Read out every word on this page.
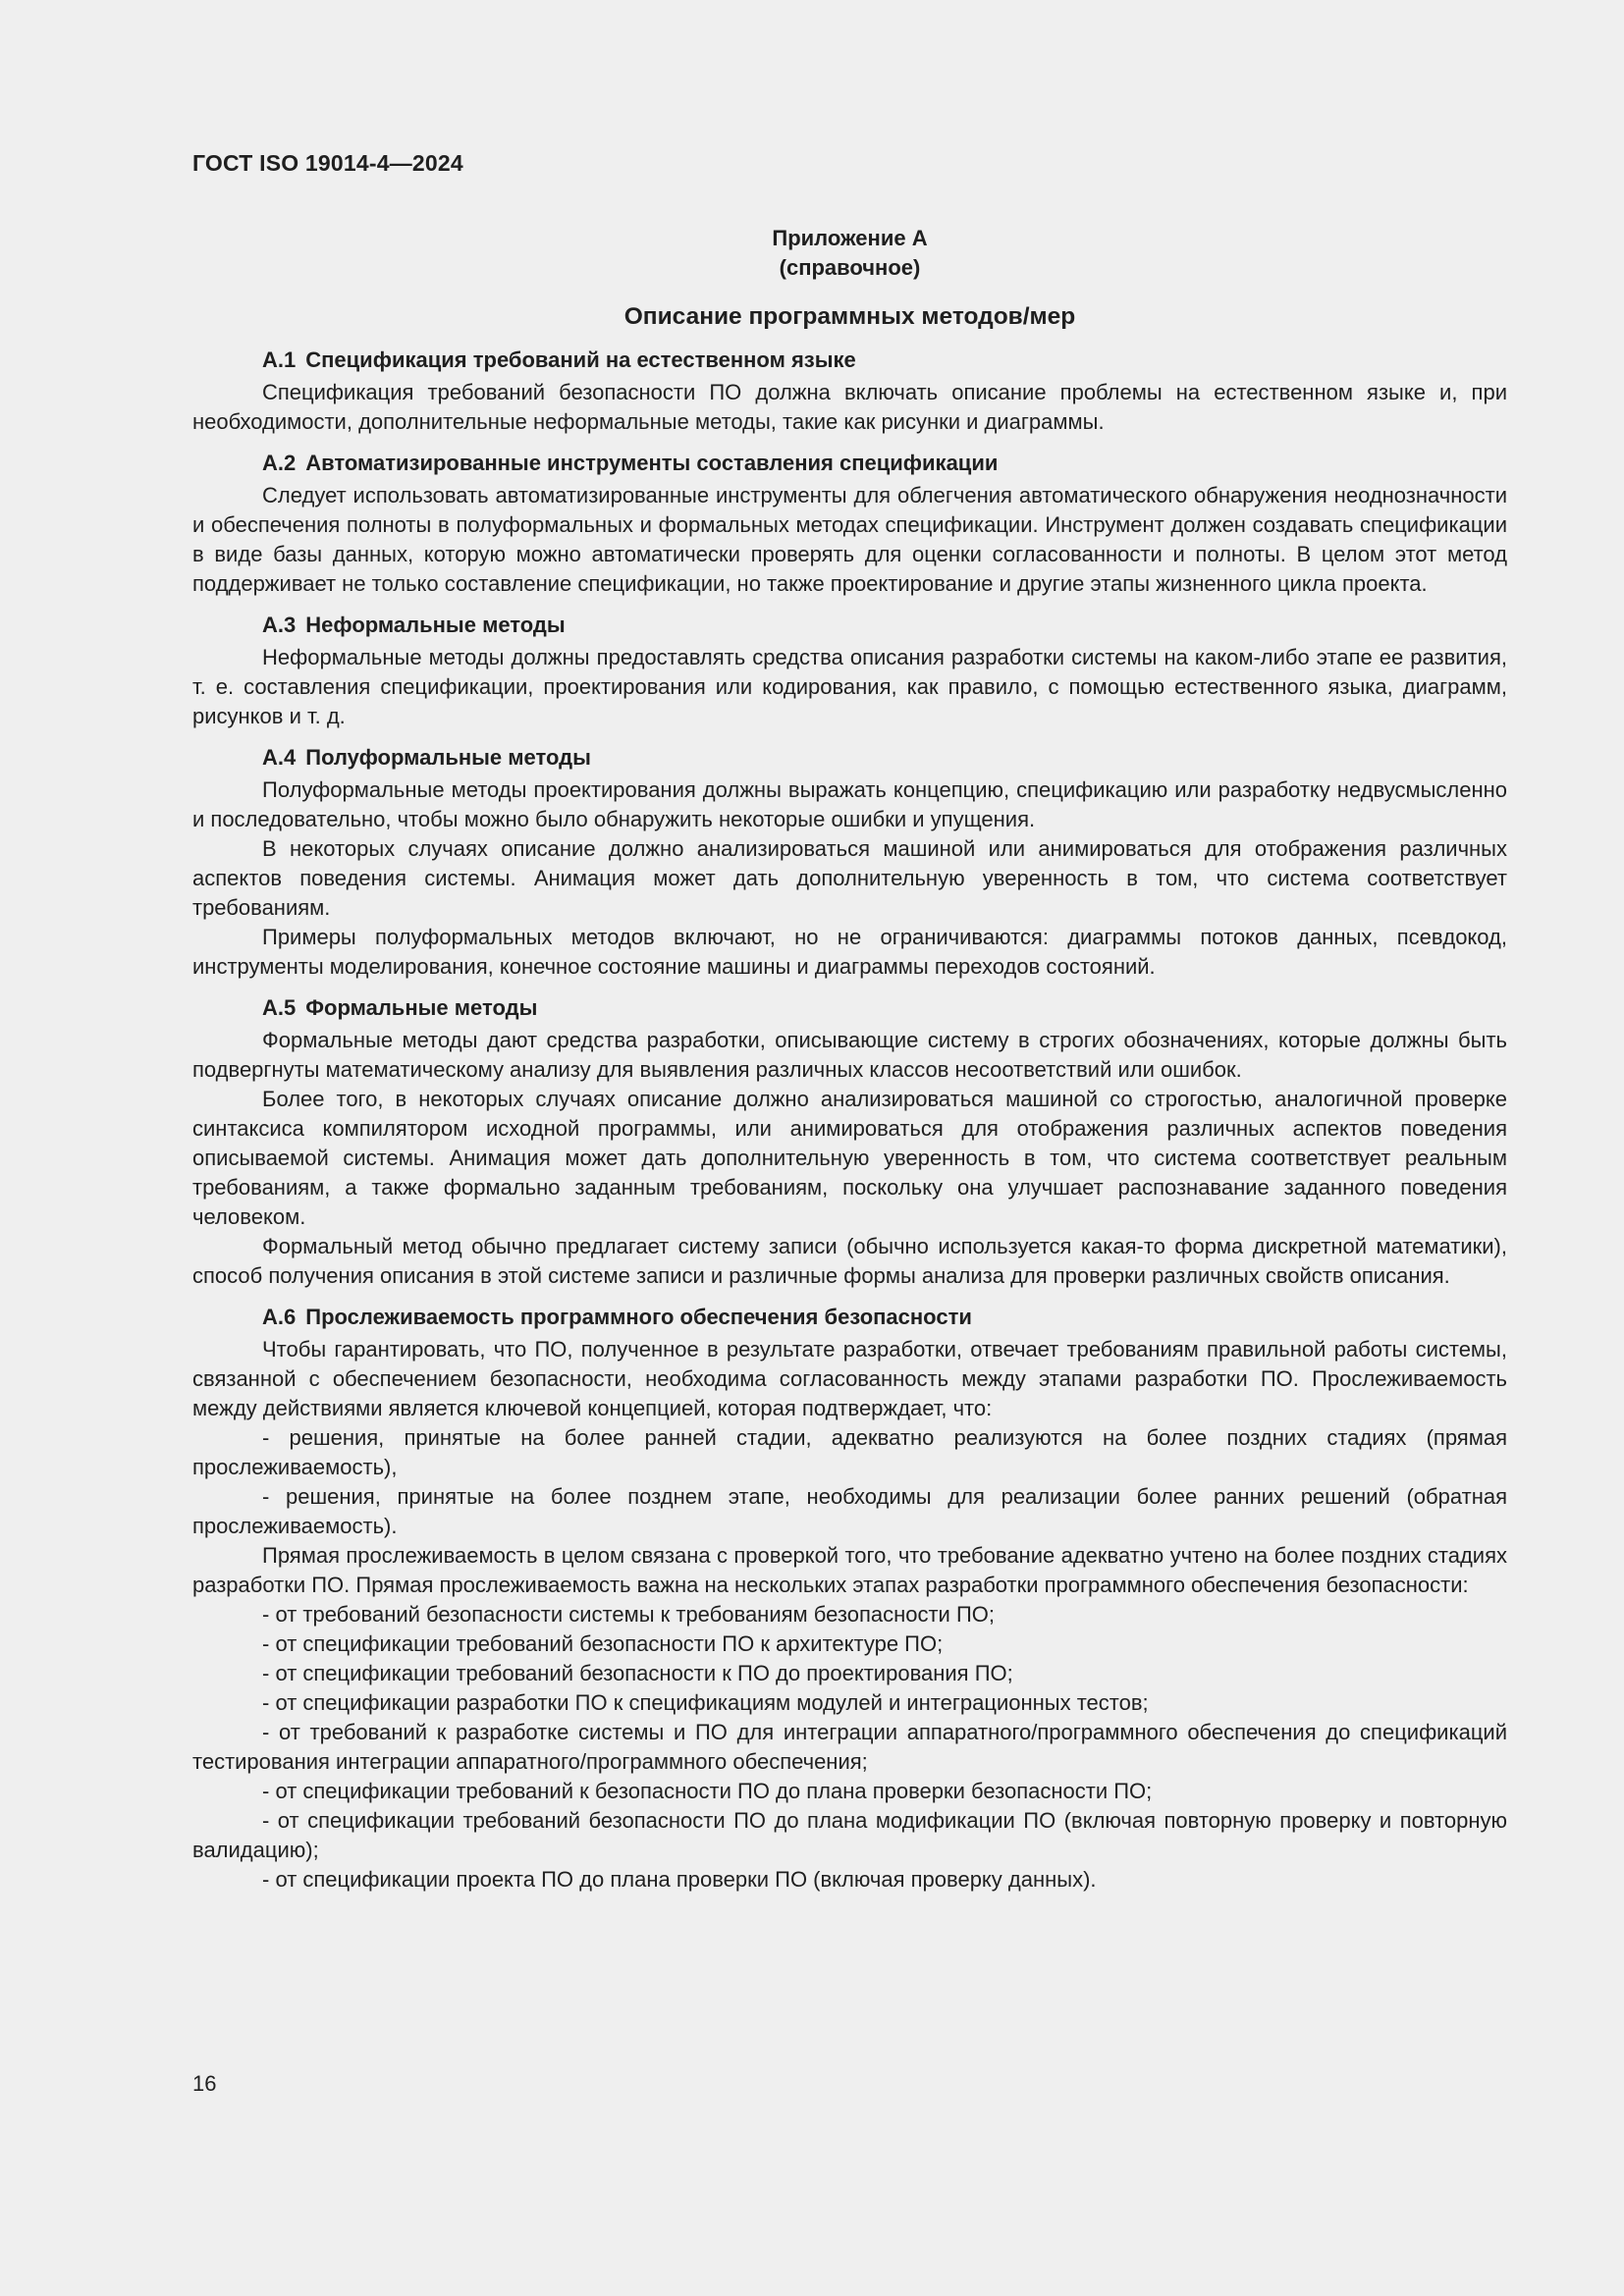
ГОСТ ISO 19014-4—2024
Приложение А
(справочное)
Описание программных методов/мер
А.1 Спецификация требований на естественном языке

Спецификация требований безопасности ПО должна включать описание проблемы на естественном языке и, при необходимости, дополнительные неформальные методы, такие как рисунки и диаграммы.

А.2 Автоматизированные инструменты составления спецификации

Следует использовать автоматизированные инструменты для облегчения автоматического обнаружения неоднозначности и обеспечения полноты в полуформальных и формальных методах спецификации. Инструмент должен создавать спецификации в виде базы данных, которую можно автоматически проверять для оценки согласованности и полноты. В целом этот метод поддерживает не только составление спецификации, но также проектирование и другие этапы жизненного цикла проекта.

А.3 Неформальные методы

Неформальные методы должны предоставлять средства описания разработки системы на каком-либо этапе ее развития, т. е. составления спецификации, проектирования или кодирования, как правило, с помощью естественного языка, диаграмм, рисунков и т. д.

А.4 Полуформальные методы

Полуформальные методы проектирования должны выражать концепцию, спецификацию или разработку недвусмысленно и последовательно, чтобы можно было обнаружить некоторые ошибки и упущения.

В некоторых случаях описание должно анализироваться машиной или анимироваться для отображения различных аспектов поведения системы. Анимация может дать дополнительную уверенность в том, что система соответствует требованиям.

Примеры полуформальных методов включают, но не ограничиваются: диаграммы потоков данных, псевдокод, инструменты моделирования, конечное состояние машины и диаграммы переходов состояний.

А.5 Формальные методы

Формальные методы дают средства разработки, описывающие систему в строгих обозначениях, которые должны быть подвергнуты математическому анализу для выявления различных классов несоответствий или ошибок.

Более того, в некоторых случаях описание должно анализироваться машиной со строгостью, аналогичной проверке синтаксиса компилятором исходной программы, или анимироваться для отображения различных аспектов поведения описываемой системы. Анимация может дать дополнительную уверенность в том, что система соответствует реальным требованиям, а также формально заданным требованиям, поскольку она улучшает распознавание заданного поведения человеком.

Формальный метод обычно предлагает систему записи (обычно используется какая-то форма дискретной математики), способ получения описания в этой системе записи и различные формы анализа для проверки различных свойств описания.

А.6 Прослеживаемость программного обеспечения безопасности

Чтобы гарантировать, что ПО, полученное в результате разработки, отвечает требованиям правильной работы системы, связанной с обеспечением безопасности, необходима согласованность между этапами разработки ПО. Прослеживаемость между действиями является ключевой концепцией, которая подтверждает, что:

- решения, принятые на более ранней стадии, адекватно реализуются на более поздних стадиях (прямая прослеживаемость),

- решения, принятые на более позднем этапе, необходимы для реализации более ранних решений (обратная прослеживаемость).

Прямая прослеживаемость в целом связана с проверкой того, что требование адекватно учтено на более поздних стадиях разработки ПО. Прямая прослеживаемость важна на нескольких этапах разработки программного обеспечения безопасности:

- от требований безопасности системы к требованиям безопасности ПО;

- от спецификации требований безопасности ПО к архитектуре ПО;

- от спецификации требований безопасности к ПО до проектирования ПО;

- от спецификации разработки ПО к спецификациям модулей и интеграционных тестов;

- от требований к разработке системы и ПО для интеграции аппаратного/программного обеспечения до спецификаций тестирования интеграции аппаратного/программного обеспечения;

- от спецификации требований к безопасности ПО до плана проверки безопасности ПО;

- от спецификации требований безопасности ПО до плана модификации ПО (включая повторную проверку и повторную валидацию);

- от спецификации проекта ПО до плана проверки ПО (включая проверку данных).

16
